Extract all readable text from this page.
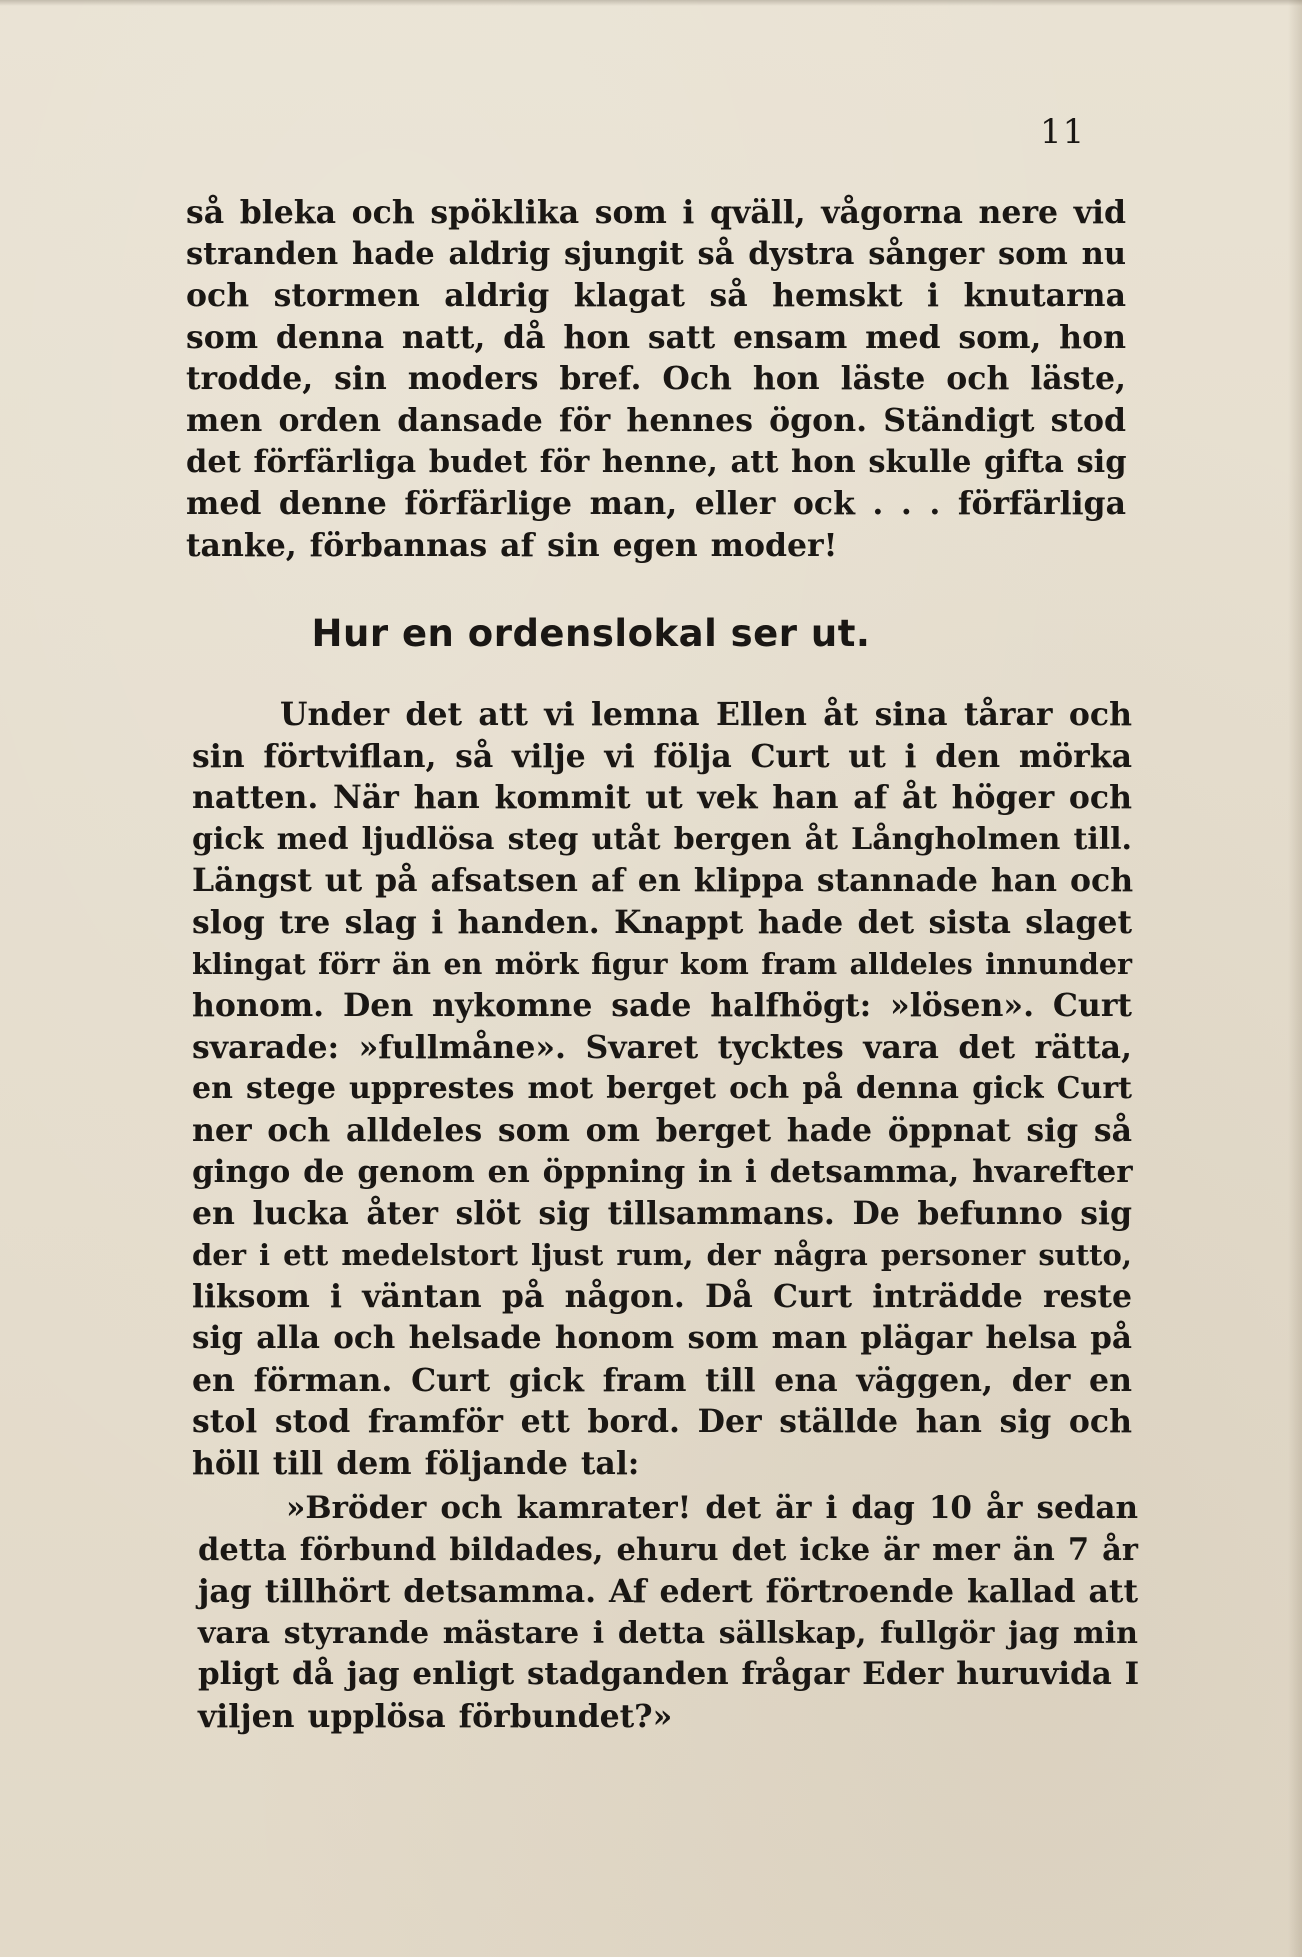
11

så bleka och spöklika som i qväll, vågorna nere vid
stranden hade aldrig sjungit så dystra sånger som nu
och stormen aldrig klagat så hemskt i knutarna
som denna natt, då hon satt ensam med som, hon
trodde, sin moders bref. Och hon läste och läste,
men orden dansade för hennes ögon. Ständigt stod
det förfärliga budet för henne, att hon skulle gifta sig
med denne förfärlige man, eller ock . . . förfärliga
tanke, förbannas af sin egen moder!

Hur en ordenslokal ser ut.

Under det att vi lemna Ellen åt sina tårar och
sin förtviflan, så vilje vi följa Curt ut i den mörka
natten. När han kommit ut vek han af åt höger och
gick med ljudlösa steg utåt bergen åt Långholmen till.
Längst ut på afsatsen af en klippa stannade han och
slog tre slag i handen. Knappt hade det sista slaget
klingat förr än en mörk figur kom fram alldeles innunder
honom. Den nykomne sade halfhögt: »lösen». Curt
svarade: »fullmåne». Svaret tycktes vara det rätta,
en stege upprestes mot berget och på denna gick Curt
ner och alldeles som om berget hade öppnat sig så
gingo de genom en öppning in i detsamma, hvarefter
en lucka åter slöt sig tillsammans. De befunno sig
der i ett medelstort ljust rum, der några personer sutto,
liksom i väntan på någon. Då Curt inträdde reste
sig alla och helsade honom som man plägar helsa på
en förman. Curt gick fram till ena väggen, der en
stol stod framför ett bord. Der ställde han sig och
höll till dem följande tal:

»Bröder och kamrater! det är i dag 10 år sedan
detta förbund bildades, ehuru det icke är mer än 7 år
jag tillhört detsamma. Af edert förtroende kallad att
vara styrande mästare i detta sällskap, fullgör jag min
pligt då jag enligt stadganden frågar Eder huruvida I
viljen upplösa förbundet?»
